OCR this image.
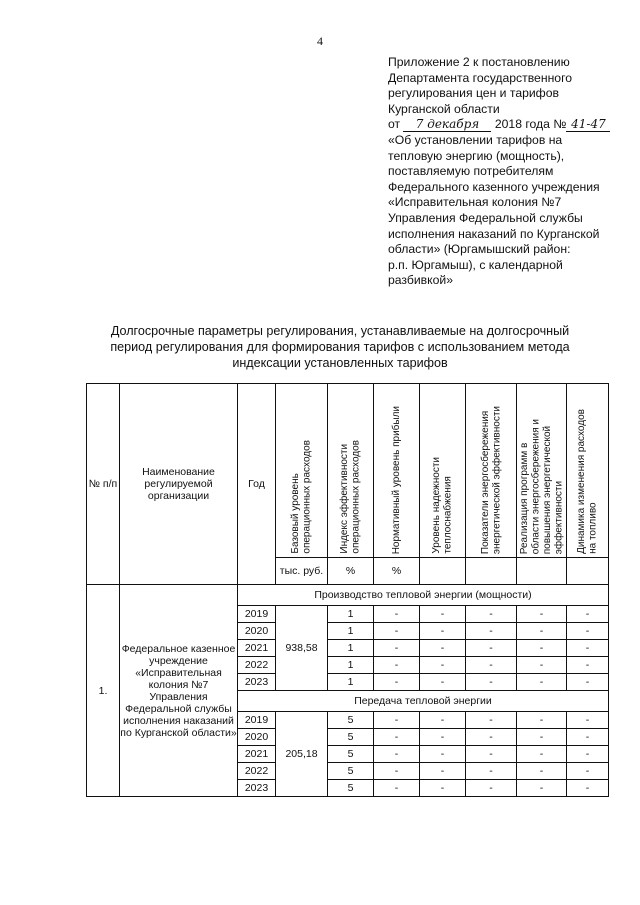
4
Приложение 2 к постановлению
Департамента государственного
регулирования цен и тарифов
Курганской области
от 7 декабря 2018 года № 41-47
«Об установлении тарифов на
тепловую энергию (мощность),
поставляемую потребителям
Федерального казенного учреждения
«Исправительная колония №7
Управления Федеральной службы
исполнения наказаний по Курганской
области» (Юргамышский район:
р.п. Юргамыш), с календарной
разбивкой»
Долгосрочные параметры регулирования, устанавливаемые на долгосрочный
период регулирования для формирования тарифов с использованием метода
индексации установленных тарифов
№ п/п	Наименование регулируемой организации	Год	Базовый уровень
операционных расходов	Индекс эффективности
операционных расходов	Нормативный уровень прибыли	Уровень надежности
теплоснабжения	Показатели энергосбережения
энергетической эффективности	Реализация программ в
области энергосбережения и
повышения энергетической
эффективности	Динамика изменения расходов
на топливо

			тыс. руб.	%	%				
1.	Федеральное казенное учреждение «Исправительная колония №7 Управления Федеральной службы исполнения наказаний по Курганской области»	Производство тепловой энергии (мощности)							
		2019	938,58	1	-	-	-	-	-
		2020		1	-	-	-	-	-
		2021		1	-	-	-	-	-
		2022		1	-	-	-	-	-
		2023		1	-	-	-	-	-
		Передача тепловой энергии							
		2019	205,18	5	-	-	-	-	-
		2020		5	-	-	-	-	-
		2021		5	-	-	-	-	-
		2022		5	-	-	-	-	-
		2023		5	-	-	-	-	-
